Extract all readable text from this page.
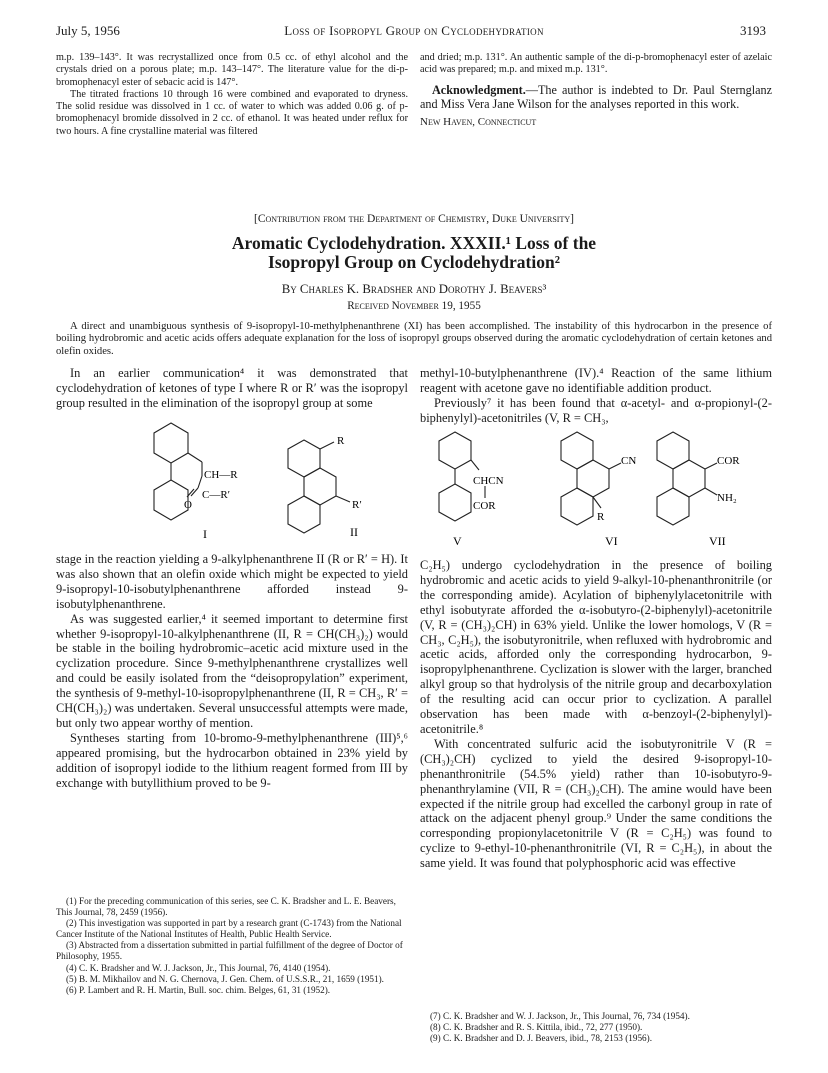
July 5, 1956	Loss of Isopropyl Group on Cyclodehydration	3193

m.p. 139–143°. It was recrystallized once from 0.5 cc. of ethyl alcohol and the crystals dried on a porous plate; m.p. 143–147°. The literature value for the di-p-bromophenacyl ester of sebacic acid is 147°.

The titrated fractions 10 through 16 were combined and evaporated to dryness. The solid residue was dissolved in 1 cc. of water to which was added 0.06 g. of p-bromophenacyl bromide dissolved in 2 cc. of ethanol. It was heated under reflux for two hours. A fine crystalline material was filtered

and dried; m.p. 131°. An authentic sample of the di-p-bromophenacyl ester of azelaic acid was prepared; m.p. and mixed m.p. 131°.

Acknowledgment.—The author is indebted to Dr. Paul Sternglanz and Miss Vera Jane Wilson for the analyses reported in this work.

New Haven, Connecticut

[Contribution from the Department of Chemistry, Duke University]
Aromatic Cyclodehydration. XXXII.¹ Loss of the
Isopropyl Group on Cyclodehydration²
By Charles K. Bradsher and Dorothy J. Beavers³
Received November 19, 1955
A direct and unambiguous synthesis of 9-isopropyl-10-methylphenanthrene (XI) has been accomplished. The instability of this hydrocarbon in the presence of boiling hydrobromic and acetic acids offers adequate explanation for the loss of isopropyl groups observed during the aromatic cyclodehydration of certain ketones and olefin oxides.

In an earlier communication⁴ it was demonstrated that cyclodehydration of ketones of type I where R or R′ was the isopropyl group resulted in the elimination of the isopropyl group at some

CH—R
C—R′
O
I
R
R′
II

stage in the reaction yielding a 9-alkylphenanthrene II (R or R′ = H). It was also shown that an olefin oxide which might be expected to yield 9-isopropyl-10-isobutylphenanthrene afforded instead 9-isobutylphenanthrene.

As was suggested earlier,⁴ it seemed important to determine first whether 9-isopropyl-10-alkylphenanthrene (II, R = CH(CH₃)₂) would be stable in the boiling hydrobromic–acetic acid mixture used in the cyclization procedure. Since 9-methylphenanthrene crystallizes well and could be easily isolated from the “deisopropylation” experiment, the synthesis of 9-methyl-10-isopropylphenanthrene (II, R = CH₃, R′ = CH(CH₃)₂) was undertaken. Several unsuccessful attempts were made, but only two appear worthy of mention.

Syntheses starting from 10-bromo-9-methylphenanthrene (III)⁵,⁶ appeared promising, but the hydrocarbon obtained in 23% yield by addition of isopropyl iodide to the lithium reagent formed from III by exchange with butyllithium proved to be 9-

(1) For the preceding communication of this series, see C. K. Bradsher and L. E. Beavers, This Journal, 78, 2459 (1956).

(2) This investigation was supported in part by a research grant (C-1743) from the National Cancer Institute of the National Institutes of Health, Public Health Service.

(3) Abstracted from a dissertation submitted in partial fulfillment of the degree of Doctor of Philosophy, 1955.

(4) C. K. Bradsher and W. J. Jackson, Jr., This Journal, 76, 4140 (1954).

(5) B. M. Mikhailov and N. G. Chernova, J. Gen. Chem. of U.S.S.R., 21, 1659 (1951).

(6) P. Lambert and R. H. Martin, Bull. soc. chim. Belges, 61, 31 (1952).

methyl-10-butylphenanthrene (IV).⁴ Reaction of the same lithium reagent with acetone gave no identifiable addition product.

Previously⁷ it has been found that α-acetyl- and α-propionyl-(2-biphenylyl)-acetonitriles (V, R = CH₃,

CHCN
COR
V
CN
R
VI
COR
NH₂
VII

C₂H₅) undergo cyclodehydration in the presence of boiling hydrobromic and acetic acids to yield 9-alkyl-10-phenanthronitrile (or the corresponding amide). Acylation of biphenylylacetonitrile with ethyl isobutyrate afforded the α-isobutyro-(2-biphenylyl)-acetonitrile (V, R = (CH₃)₂CH) in 63% yield. Unlike the lower homologs, V (R = CH₃, C₂H₅), the isobutyronitrile, when refluxed with hydrobromic and acetic acids, afforded only the corresponding hydrocarbon, 9-isopropylphenanthrene. Cyclization is slower with the larger, branched alkyl group so that hydrolysis of the nitrile group and decarboxylation of the resulting acid can occur prior to cyclization. A parallel observation has been made with α-benzoyl-(2-biphenylyl)-acetonitrile.⁸

With concentrated sulfuric acid the isobutyronitrile V (R = (CH₃)₂CH) cyclized to yield the desired 9-isopropyl-10-phenanthronitrile (54.5% yield) rather than 10-isobutyro-9-phenanthrylamine (VII, R = (CH₃)₂CH). The amine would have been expected if the nitrile group had excelled the carbonyl group in rate of attack on the adjacent phenyl group.⁹ Under the same conditions the corresponding propionylacetonitrile V (R = C₂H₅) was found to cyclize to 9-ethyl-10-phenanthronitrile (VI, R = C₂H₅), in about the same yield. It was found that polyphosphoric acid was effective

(7) C. K. Bradsher and W. J. Jackson, Jr., This Journal, 76, 734 (1954).

(8) C. K. Bradsher and R. S. Kittila, ibid., 72, 277 (1950).

(9) C. K. Bradsher and D. J. Beavers, ibid., 78, 2153 (1956).
